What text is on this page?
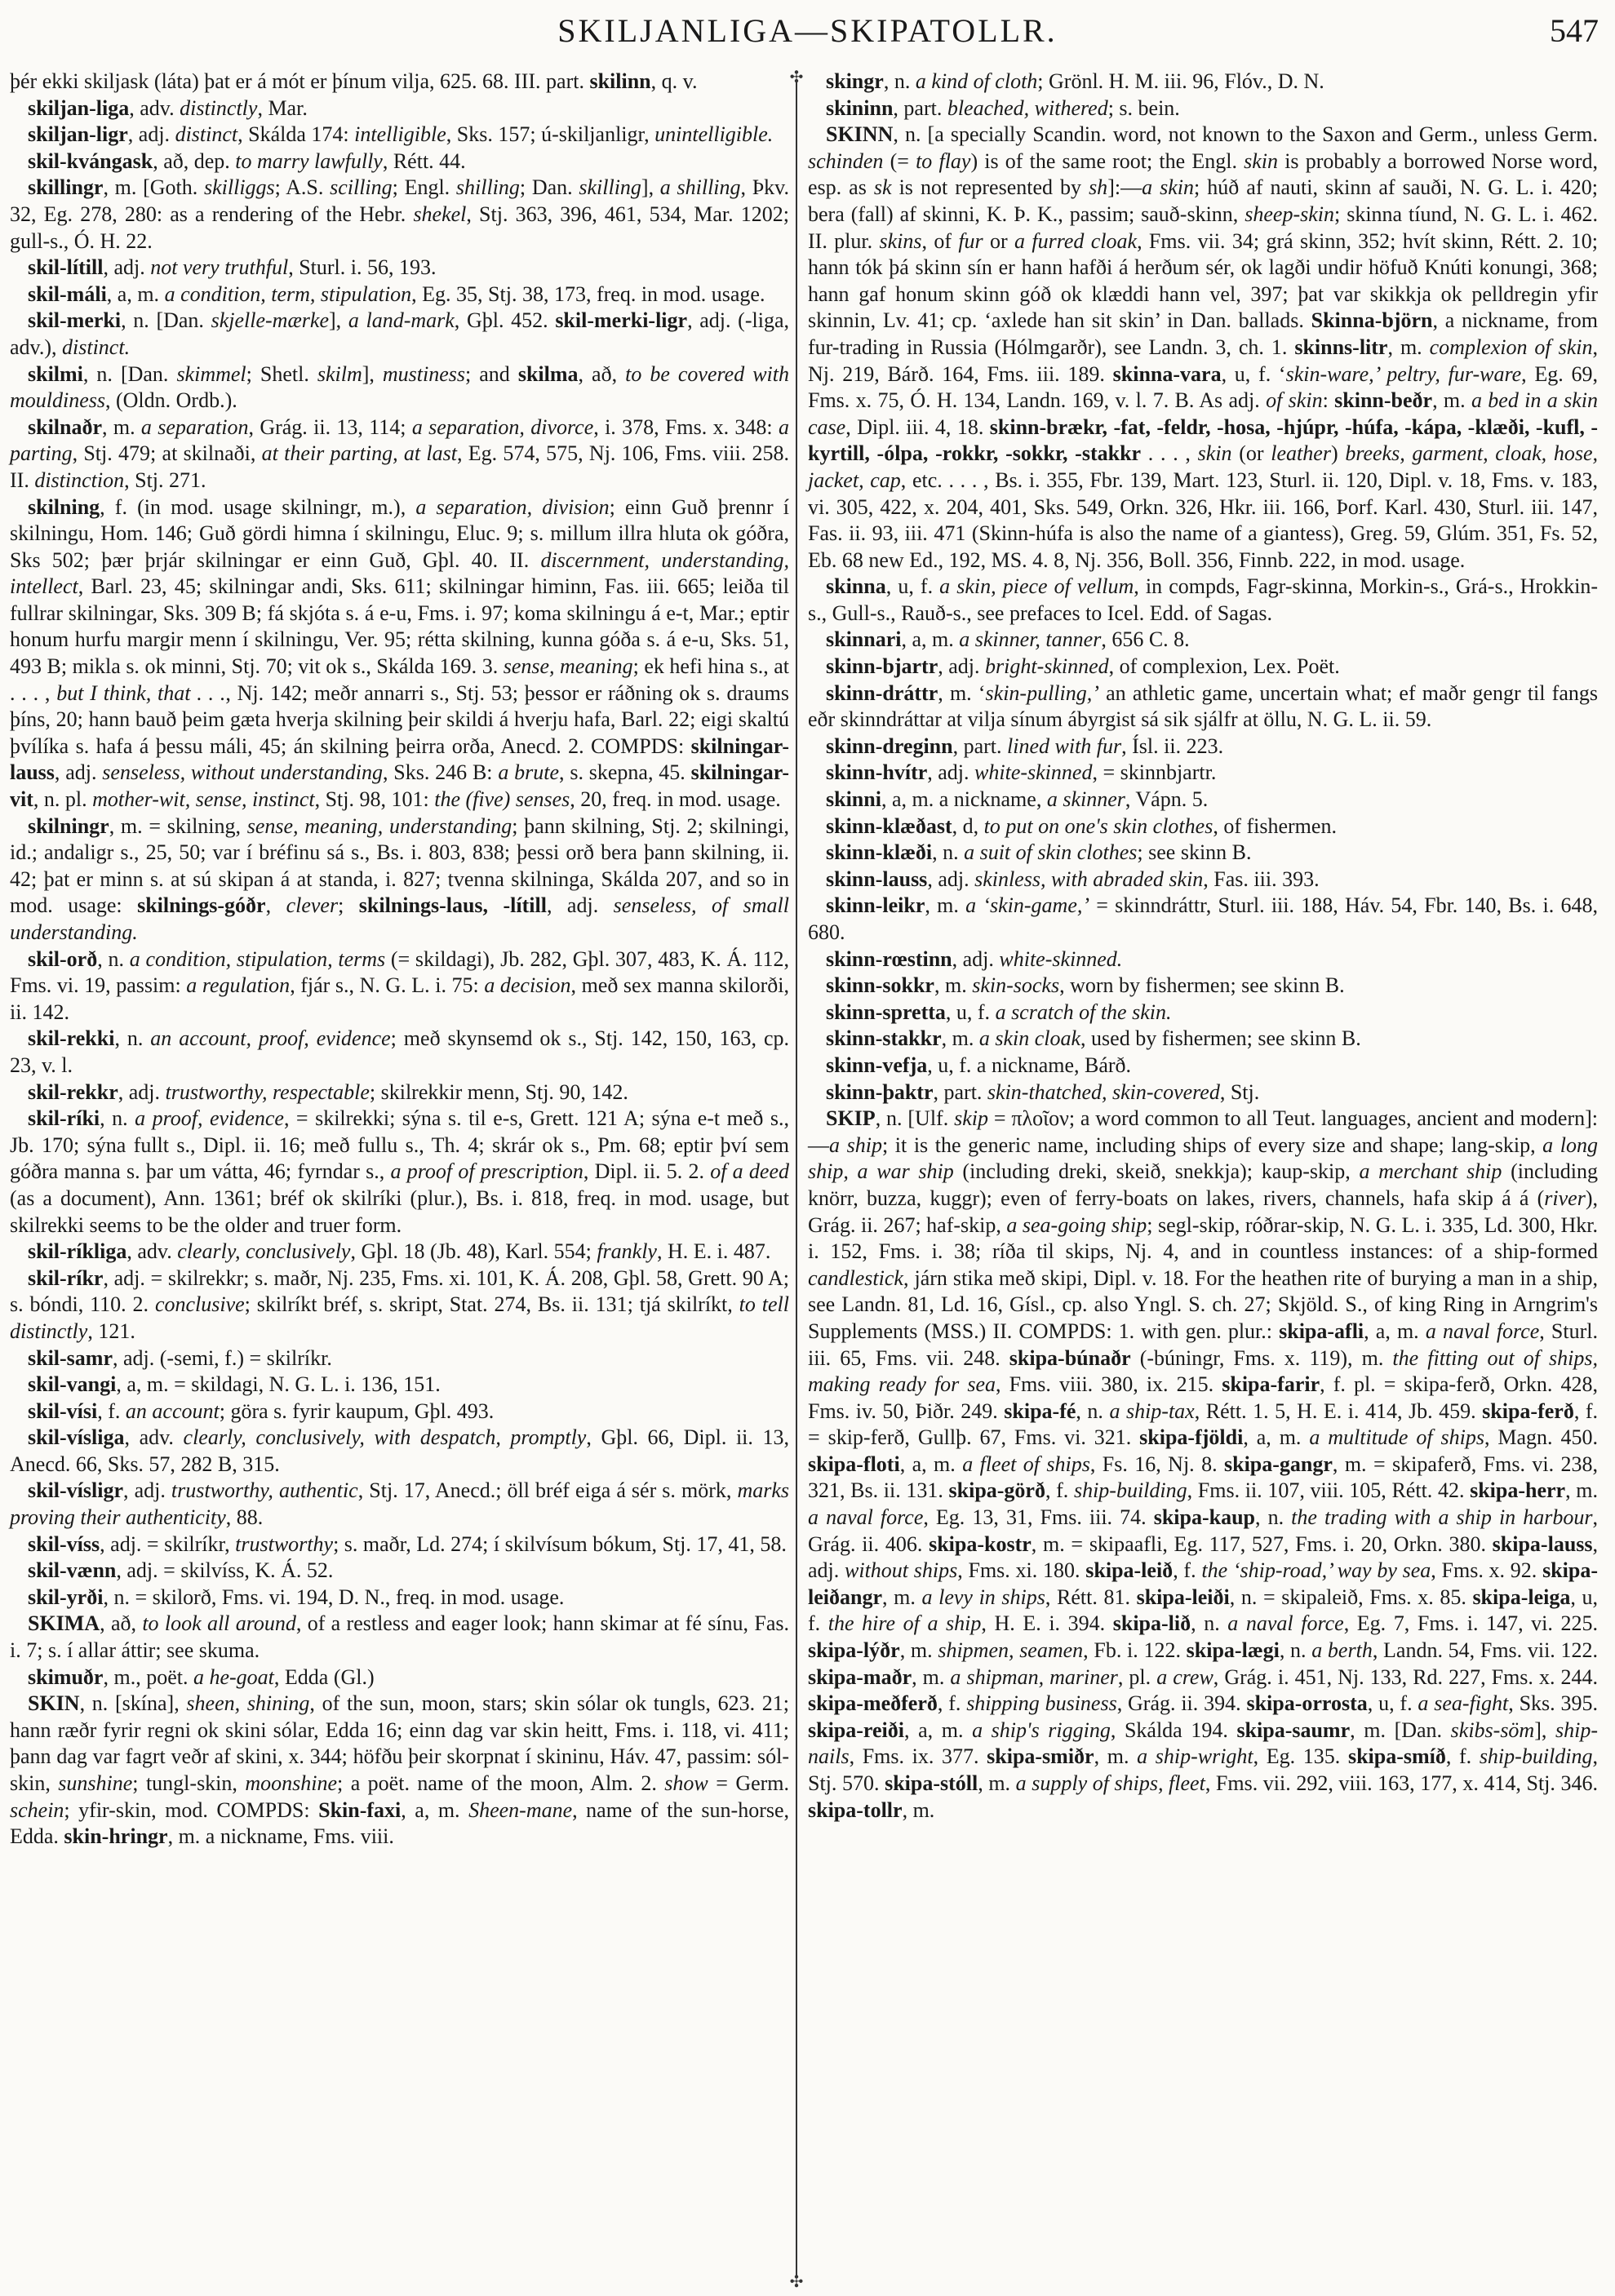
SKILJANLIGA—SKIPATOLLR.	547

þér ekki skiljask (láta) þat er á mót er þínum vilja, 625. 68. III. part. skilinn, q. v.

skiljan-liga, adv. distinctly, Mar.

skiljan-ligr, adj. distinct, Skálda 174: intelligible, Sks. 157; ú-skiljanligr, unintelligible.

skil-kvángask, að, dep. to marry lawfully, Rétt. 44.

skillingr, m. [Goth. skilliggs; A.S. scilling; Engl. shilling; Dan. skilling], a shilling, Þkv. 32, Eg. 278, 280: as a rendering of the Hebr. shekel, Stj. 363, 396, 461, 534, Mar. 1202; gull-s., Ó. H. 22.

skil-lítill, adj. not very truthful, Sturl. i. 56, 193.

skil-máli, a, m. a condition, term, stipulation, Eg. 35, Stj. 38, 173, freq. in mod. usage.

skil-merki, n. [Dan. skjelle-mærke], a land-mark, Gþl. 452. skil-merki-ligr, adj. (-liga, adv.), distinct.

skilmi, n. [Dan. skimmel; Shetl. skilm], mustiness; and skilma, að, to be covered with mouldiness, (Oldn. Ordb.).

skilnaðr, m. a separation, Grág. ii. 13, 114; a separation, divorce, i. 378, Fms. x. 348: a parting, Stj. 479; at skilnaði, at their parting, at last, Eg. 574, 575, Nj. 106, Fms. viii. 258. II. distinction, Stj. 271.

skilning, f. (in mod. usage skilningr, m.), a separation, division; einn Guð þrennr í skilningu, Hom. 146; Guð gördi himna í skilningu, Eluc. 9; s. millum illra hluta ok góðra, Sks 502; þær þrjár skilningar er einn Guð, Gþl. 40. II. discernment, understanding, intellect, Barl. 23, 45; skilningar andi, Sks. 611; skilningar himinn, Fas. iii. 665; leiða til fullrar skilningar, Sks. 309 B; fá skjóta s. á e-u, Fms. i. 97; koma skilningu á e-t, Mar.; eptir honum hurfu margir menn í skilningu, Ver. 95; rétta skilning, kunna góða s. á e-u, Sks. 51, 493 B; mikla s. ok minni, Stj. 70; vit ok s., Skálda 169. 3. sense, meaning; ek hefi hina s., at . . . , but I think, that . . ., Nj. 142; meðr annarri s., Stj. 53; þessor er ráðning ok s. draums þíns, 20; hann bauð þeim gæta hverja skilning þeir skildi á hverju hafa, Barl. 22; eigi skaltú þvílíka s. hafa á þessu máli, 45; án skilning þeirra orða, Anecd. 2. COMPDS: skilningar-lauss, adj. senseless, without understanding, Sks. 246 B: a brute, s. skepna, 45. skilningar-vit, n. pl. mother-wit, sense, instinct, Stj. 98, 101: the (five) senses, 20, freq. in mod. usage.

skilningr, m. = skilning, sense, meaning, understanding; þann skilning, Stj. 2; skilningi, id.; andaligr s., 25, 50; var í bréfinu sá s., Bs. i. 803, 838; þessi orð bera þann skilning, ii. 42; þat er minn s. at sú skipan á at standa, i. 827; tvenna skilninga, Skálda 207, and so in mod. usage: skilnings-góðr, clever; skilnings-laus, -lítill, adj. senseless, of small understanding.

skil-orð, n. a condition, stipulation, terms (= skildagi), Jb. 282, Gþl. 307, 483, K. Á. 112, Fms. vi. 19, passim: a regulation, fjár s., N. G. L. i. 75: a decision, með sex manna skilorði, ii. 142.

skil-rekki, n. an account, proof, evidence; með skynsemd ok s., Stj. 142, 150, 163, cp. 23, v. l.

skil-rekkr, adj. trustworthy, respectable; skilrekkir menn, Stj. 90, 142.

skil-ríki, n. a proof, evidence, = skilrekki; sýna s. til e-s, Grett. 121 A; sýna e-t með s., Jb. 170; sýna fullt s., Dipl. ii. 16; með fullu s., Th. 4; skrár ok s., Pm. 68; eptir því sem góðra manna s. þar um vátta, 46; fyrndar s., a proof of prescription, Dipl. ii. 5. 2. of a deed (as a document), Ann. 1361; bréf ok skilríki (plur.), Bs. i. 818, freq. in mod. usage, but skilrekki seems to be the older and truer form.

skil-ríkliga, adv. clearly, conclusively, Gþl. 18 (Jb. 48), Karl. 554; frankly, H. E. i. 487.

skil-ríkr, adj. = skilrekkr; s. maðr, Nj. 235, Fms. xi. 101, K. Á. 208, Gþl. 58, Grett. 90 A; s. bóndi, 110. 2. conclusive; skilríkt bréf, s. skript, Stat. 274, Bs. ii. 131; tjá skilríkt, to tell distinctly, 121.

skil-samr, adj. (-semi, f.) = skilríkr.

skil-vangi, a, m. = skildagi, N. G. L. i. 136, 151.

skil-vísi, f. an account; göra s. fyrir kaupum, Gþl. 493.

skil-vísliga, adv. clearly, conclusively, with despatch, promptly, Gþl. 66, Dipl. ii. 13, Anecd. 66, Sks. 57, 282 B, 315.

skil-vísligr, adj. trustworthy, authentic, Stj. 17, Anecd.; öll bréf eiga á sér s. mörk, marks proving their authenticity, 88.

skil-víss, adj. = skilríkr, trustworthy; s. maðr, Ld. 274; í skilvísum bókum, Stj. 17, 41, 58.

skil-vænn, adj. = skilvíss, K. Á. 52.

skil-yrði, n. = skilorð, Fms. vi. 194, D. N., freq. in mod. usage.

SKIMA, að, to look all around, of a restless and eager look; hann skimar at fé sínu, Fas. i. 7; s. í allar áttir; see skuma.

skimuðr, m., poët. a he-goat, Edda (Gl.)

SKIN, n. [skína], sheen, shining, of the sun, moon, stars; skin sólar ok tungls, 623. 21; hann ræðr fyrir regni ok skini sólar, Edda 16; einn dag var skin heitt, Fms. i. 118, vi. 411; þann dag var fagrt veðr af skini, x. 344; höfðu þeir skorpnat í skininu, Háv. 47, passim: sól-skin, sunshine; tungl-skin, moonshine; a poët. name of the moon, Alm. 2. show = Germ. schein; yfir-skin, mod. COMPDS: Skin-faxi, a, m. Sheen-mane, name of the sun-horse, Edda. skin-hringr, m. a nickname, Fms. viii.

✣
✣

skingr, n. a kind of cloth; Grönl. H. M. iii. 96, Flóv., D. N.

skininn, part. bleached, withered; s. bein.

SKINN, n. [a specially Scandin. word, not known to the Saxon and Germ., unless Germ. schinden (= to flay) is of the same root; the Engl. skin is probably a borrowed Norse word, esp. as sk is not represented by sh]:—a skin; húð af nauti, skinn af sauði, N. G. L. i. 420; bera (fall) af skinni, K. Þ. K., passim; sauð-skinn, sheep-skin; skinna tíund, N. G. L. i. 462. II. plur. skins, of fur or a furred cloak, Fms. vii. 34; grá skinn, 352; hvít skinn, Rétt. 2. 10; hann tók þá skinn sín er hann hafði á herðum sér, ok lagði undir höfuð Knúti konungi, 368; hann gaf honum skinn góð ok klæddi hann vel, 397; þat var skikkja ok pelldregin yfir skinnin, Lv. 41; cp. ‘axlede han sit skin’ in Dan. ballads. Skinna-björn, a nickname, from fur-trading in Russia (Hólmgarðr), see Landn. 3, ch. 1. skinns-litr, m. complexion of skin, Nj. 219, Bárð. 164, Fms. iii. 189. skinna-vara, u, f. ‘skin-ware,’ peltry, fur-ware, Eg. 69, Fms. x. 75, Ó. H. 134, Landn. 169, v. l. 7. B. As adj. of skin: skinn-beðr, m. a bed in a skin case, Dipl. iii. 4, 18. skinn-brækr, -fat, -feldr, -hosa, -hjúpr, -húfa, -kápa, -klæði, -kufl, -kyrtill, -ólpa, -rokkr, -sokkr, -stakkr . . . , skin (or leather) breeks, garment, cloak, hose, jacket, cap, etc. . . . , Bs. i. 355, Fbr. 139, Mart. 123, Sturl. ii. 120, Dipl. v. 18, Fms. v. 183, vi. 305, 422, x. 204, 401, Sks. 549, Orkn. 326, Hkr. iii. 166, Þorf. Karl. 430, Sturl. iii. 147, Fas. ii. 93, iii. 471 (Skinn-húfa is also the name of a giantess), Greg. 59, Glúm. 351, Fs. 52, Eb. 68 new Ed., 192, MS. 4. 8, Nj. 356, Boll. 356, Finnb. 222, in mod. usage.

skinna, u, f. a skin, piece of vellum, in compds, Fagr-skinna, Morkin-s., Grá-s., Hrokkin-s., Gull-s., Rauð-s., see prefaces to Icel. Edd. of Sagas.

skinnari, a, m. a skinner, tanner, 656 C. 8.

skinn-bjartr, adj. bright-skinned, of complexion, Lex. Poët.

skinn-dráttr, m. ‘skin-pulling,’ an athletic game, uncertain what; ef maðr gengr til fangs eðr skinndráttar at vilja sínum ábyrgist sá sik sjálfr at öllu, N. G. L. ii. 59.

skinn-dreginn, part. lined with fur, Ísl. ii. 223.

skinn-hvítr, adj. white-skinned, = skinnbjartr.

skinni, a, m. a nickname, a skinner, Vápn. 5.

skinn-klæðast, d, to put on one's skin clothes, of fishermen.

skinn-klæði, n. a suit of skin clothes; see skinn B.

skinn-lauss, adj. skinless, with abraded skin, Fas. iii. 393.

skinn-leikr, m. a ‘skin-game,’ = skinndráttr, Sturl. iii. 188, Háv. 54, Fbr. 140, Bs. i. 648, 680.

skinn-rœstinn, adj. white-skinned.

skinn-sokkr, m. skin-socks, worn by fishermen; see skinn B.

skinn-spretta, u, f. a scratch of the skin.

skinn-stakkr, m. a skin cloak, used by fishermen; see skinn B.

skinn-vefja, u, f. a nickname, Bárð.

skinn-þaktr, part. skin-thatched, skin-covered, Stj.

SKIP, n. [Ulf. skip = πλοῖον; a word common to all Teut. languages, ancient and modern]:—a ship; it is the generic name, including ships of every size and shape; lang-skip, a long ship, a war ship (including dreki, skeið, snekkja); kaup-skip, a merchant ship (including knörr, buzza, kuggr); even of ferry-boats on lakes, rivers, channels, hafa skip á á (river), Grág. ii. 267; haf-skip, a sea-going ship; segl-skip, róðrar-skip, N. G. L. i. 335, Ld. 300, Hkr. i. 152, Fms. i. 38; ríða til skips, Nj. 4, and in countless instances: of a ship-formed candlestick, járn stika með skipi, Dipl. v. 18. For the heathen rite of burying a man in a ship, see Landn. 81, Ld. 16, Gísl., cp. also Yngl. S. ch. 27; Skjöld. S., of king Ring in Arngrim's Supplements (MSS.) II. COMPDS: 1. with gen. plur.: skipa-afli, a, m. a naval force, Sturl. iii. 65, Fms. vii. 248. skipa-búnaðr (-búningr, Fms. x. 119), m. the fitting out of ships, making ready for sea, Fms. viii. 380, ix. 215. skipa-farir, f. pl. = skipa-ferð, Orkn. 428, Fms. iv. 50, Þiðr. 249. skipa-fé, n. a ship-tax, Rétt. 1. 5, H. E. i. 414, Jb. 459. skipa-ferð, f. = skip-ferð, Gullþ. 67, Fms. vi. 321. skipa-fjöldi, a, m. a multitude of ships, Magn. 450. skipa-floti, a, m. a fleet of ships, Fs. 16, Nj. 8. skipa-gangr, m. = skipaferð, Fms. vi. 238, 321, Bs. ii. 131. skipa-görð, f. ship-building, Fms. ii. 107, viii. 105, Rétt. 42. skipa-herr, m. a naval force, Eg. 13, 31, Fms. iii. 74. skipa-kaup, n. the trading with a ship in harbour, Grág. ii. 406. skipa-kostr, m. = skipaafli, Eg. 117, 527, Fms. i. 20, Orkn. 380. skipa-lauss, adj. without ships, Fms. xi. 180. skipa-leið, f. the ‘ship-road,’ way by sea, Fms. x. 92. skipa-leiðangr, m. a levy in ships, Rétt. 81. skipa-leiði, n. = skipaleið, Fms. x. 85. skipa-leiga, u, f. the hire of a ship, H. E. i. 394. skipa-lið, n. a naval force, Eg. 7, Fms. i. 147, vi. 225. skipa-lýðr, m. shipmen, seamen, Fb. i. 122. skipa-lægi, n. a berth, Landn. 54, Fms. vii. 122. skipa-maðr, m. a shipman, mariner, pl. a crew, Grág. i. 451, Nj. 133, Rd. 227, Fms. x. 244. skipa-meðferð, f. shipping business, Grág. ii. 394. skipa-orrosta, u, f. a sea-fight, Sks. 395. skipa-reiði, a, m. a ship's rigging, Skálda 194. skipa-saumr, m. [Dan. skibs-söm], ship-nails, Fms. ix. 377. skipa-smiðr, m. a ship-wright, Eg. 135. skipa-smíð, f. ship-building, Stj. 570. skipa-stóll, m. a supply of ships, fleet, Fms. vii. 292, viii. 163, 177, x. 414, Stj. 346. skipa-tollr, m.
